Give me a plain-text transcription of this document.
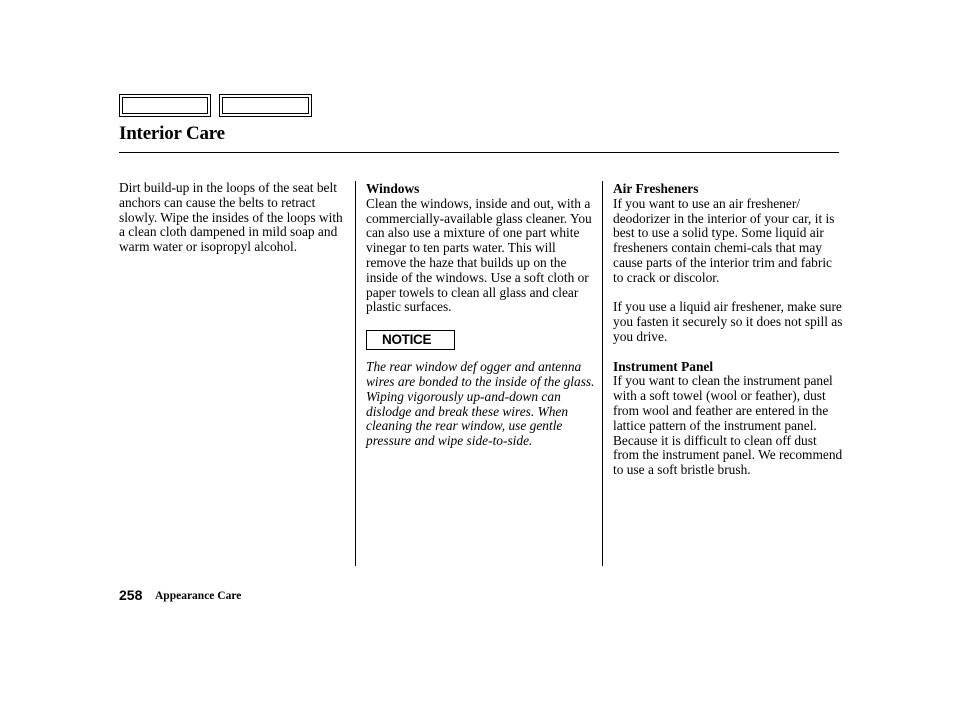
Interior Care

Dirt build-up in the loops of the seat belt anchors can cause the belts to retract slowly. Wipe the insides of the loops with a clean cloth dampened in mild soap and warm water or isopropyl alcohol.

Windows

Clean the windows, inside and out, with a commercially-available glass cleaner. You can also use a mixture of one part white vinegar to ten parts water. This will remove the haze that builds up on the inside of the windows. Use a soft cloth or paper towels to clean all glass and clear plastic surfaces.

NOTICE

The rear window def ogger and antenna wires are bonded to the inside of the glass. Wiping vigorously up-and-down can dislodge and break these wires. When cleaning the rear window, use gentle pressure and wipe side-to-side.

Air Fresheners

If you want to use an air freshener/ deodorizer in the interior of your car, it is best to use a solid type. Some liquid air fresheners contain chemi-cals that may cause parts of the interior trim and fabric to crack or discolor.

If you use a liquid air freshener, make sure you fasten it securely so it does not spill as you drive.

Instrument Panel

If you want to clean the instrument panel with a soft towel (wool or feather), dust from wool and feather are entered in the lattice pattern of the instrument panel. Because it is difficult to clean off dust from the instrument panel. We recommend to use a soft bristle brush.

258 Appearance Care
